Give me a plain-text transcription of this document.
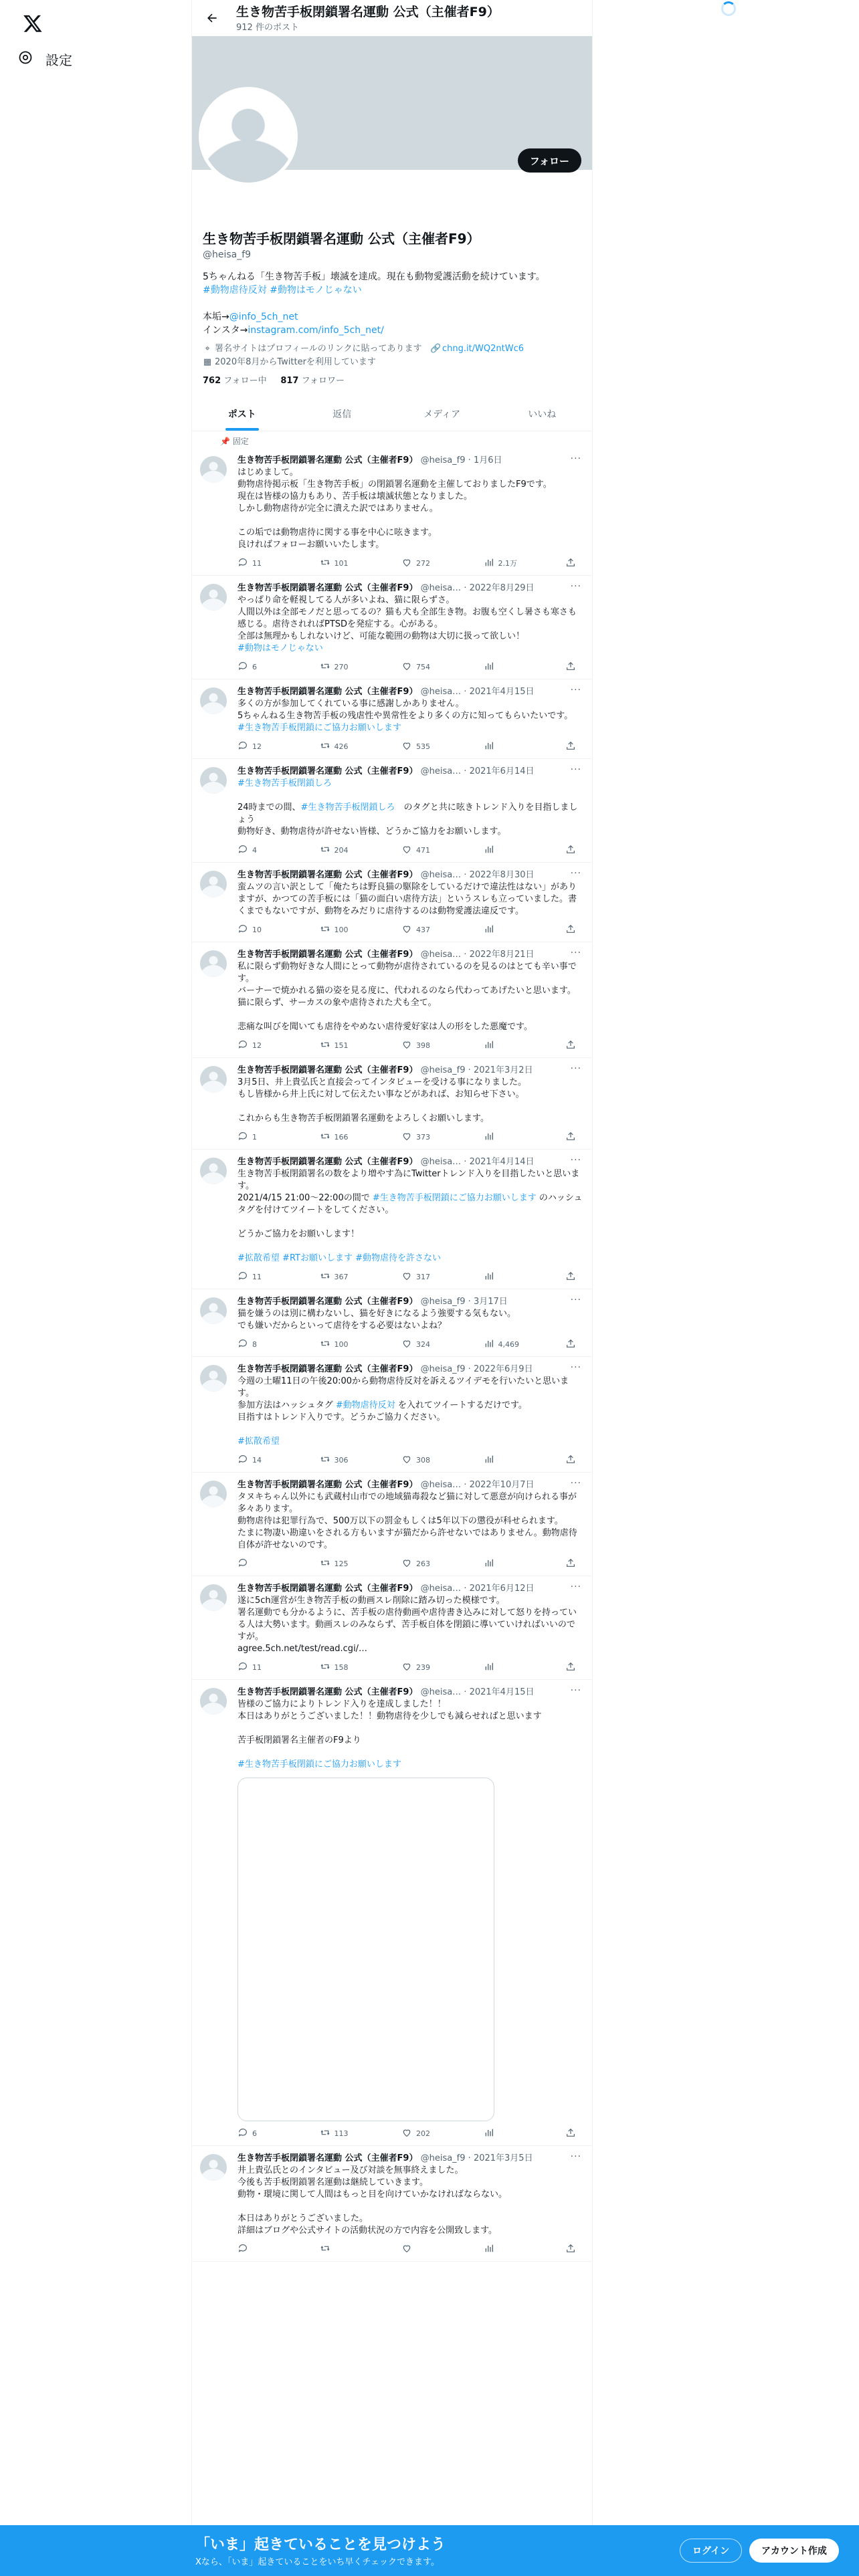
設定
生き物苦手板閉鎖署名運動 公式（主催者F9）
912 件のポスト
フォロー
生き物苦手板閉鎖署名運動 公式（主催者F9）
@heisa_f9
5ちゃんねる「生き物苦手板」壊滅を達成。現在も動物愛護活動を続けています。
#動物虐待反対 #動物はモノじゃない
本垢→@info_5ch_net
インスタ→instagram.com/info_5ch_net/
⌖ 署名サイトはプロフィールのリンクに貼ってあります 🔗 chng.it/WQ2ntWc6
▦ 2020年8月からTwitterを利用しています
762 フォロー中 817 フォロワー
ポスト	返信	メディア	いいね
📌 固定
生き物苦手板閉鎖署名運動 公式（主催者F9） @heisa_f9 · 1月6日	···
はじめまして。
動物虐待掲示板「生き物苦手板」の閉鎖署名運動を主催しておりましたF9です。
現在は皆様の協力もあり、苦手板は壊滅状態となりました。
しかし動物虐待が完全に潰えた訳ではありません。

この垢では動物虐待に関する事を中心に呟きます。
良ければフォローお願いいたします。
11	101	272	2.1万
生き物苦手板閉鎖署名運動 公式（主催者F9） @heisa… · 2022年8月29日	···
やっぱり命を軽視してる人が多いよね、猫に限らずさ。
人間以外は全部モノだと思ってるの？猫も犬も全部生き物。お腹も空くし暑さも寒さも感じる。虐待されればPTSDを発症する。心がある。
全部は無理かもしれないけど、可能な範囲の動物は大切に扱って欲しい！
#動物はモノじゃない
6	270	754
生き物苦手板閉鎖署名運動 公式（主催者F9） @heisa… · 2021年4月15日	···
多くの方が参加してくれている事に感謝しかありません。
5ちゃんねる生き物苦手板の残虐性や異常性をより多くの方に知ってもらいたいです。
#生き物苦手板閉鎖にご協力お願いします
12	426	535
生き物苦手板閉鎖署名運動 公式（主催者F9） @heisa… · 2021年6月14日	···
#生き物苦手板閉鎖しろ

24時までの間、#生き物苦手板閉鎖しろ　のタグと共に呟きトレンド入りを目指しましょう
動物好き、動物虐待が許せない皆様、どうかご協力をお願いします。
4	204	471
生き物苦手板閉鎖署名運動 公式（主催者F9） @heisa… · 2022年8月30日	···
蛮ムツの言い訳として「俺たちは野良猫の駆除をしているだけで違法性はない」がありますが、かつての苦手板には「猫の面白い虐待方法」というスレも立っていました。書くまでもないですが、動物をみだりに虐待するのは動物愛護法違反です。
10	100	437
生き物苦手板閉鎖署名運動 公式（主催者F9） @heisa… · 2022年8月21日	···
私に限らず動物好きな人間にとって動物が虐待されているのを見るのはとても辛い事です。
バーナーで焼かれる猫の姿を見る度に、代われるのなら代わってあげたいと思います。猫に限らず、サーカスの象や虐待された犬も全て。

悲痛な叫びを聞いても虐待をやめない虐待愛好家は人の形をした悪魔です。
12	151	398
生き物苦手板閉鎖署名運動 公式（主催者F9） @heisa_f9 · 2021年3月2日	···
3月5日、井上貴弘氏と直接会ってインタビューを受ける事になりました。
もし皆様から井上氏に対して伝えたい事などがあれば、お知らせ下さい。

これからも生き物苦手板閉鎖署名運動をよろしくお願いします。
1	166	373
生き物苦手板閉鎖署名運動 公式（主催者F9） @heisa… · 2021年4月14日	···
生き物苦手板閉鎖署名の数をより増やす為にTwitterトレンド入りを目指したいと思います。
2021/4/15 21:00〜22:00の間で #生き物苦手板閉鎖にご協力お願いします のハッシュタグを付けてツイートをしてください。

どうかご協力をお願いします！

#拡散希望 #RTお願いします #動物虐待を許さない
11	367	317
生き物苦手板閉鎖署名運動 公式（主催者F9） @heisa_f9 · 3月17日	···
猫を嫌うのは別に構わないし、猫を好きになるよう強要する気もない。
でも嫌いだからといって虐待をする必要はないよね？
8	100	324	4,469
生き物苦手板閉鎖署名運動 公式（主催者F9） @heisa_f9 · 2022年6月9日	···
今週の土曜11日の午後20:00から動物虐待反対を訴えるツイデモを行いたいと思います。
参加方法はハッシュタグ #動物虐待反対 を入れてツイートするだけです。
目指すはトレンド入りです。どうかご協力ください。

#拡散希望
14	306	308
生き物苦手板閉鎖署名運動 公式（主催者F9） @heisa… · 2022年10月7日	···
タヌキちゃん以外にも武蔵村山市での地域猫毒殺など猫に対して悪意が向けられる事が多々あります。
動物虐待は犯罪行為で、500万以下の罰金もしくは5年以下の懲役が科せられます。
たまに物凄い勘違いをされる方もいますが猫だから許せないではありません。動物虐待自体が許せないのです。
125	263
生き物苦手板閉鎖署名運動 公式（主催者F9） @heisa… · 2021年6月12日	···
遂に5ch運営が生き物苦手板の動画スレ削除に踏み切った模様です。
署名運動でも分かるように、苦手板の虐待動画や虐待書き込みに対して怒りを持っている人は大勢います。動画スレのみならず、苦手板自体を閉鎖に導いていければいいのですが。
agree.5ch.net/test/read.cgi/…
11	158	239
生き物苦手板閉鎖署名運動 公式（主催者F9） @heisa… · 2021年4月15日	···
皆様のご協力によりトレンド入りを達成しました！！
本日はありがとうございました！！動物虐待を少しでも減らせればと思います

苦手板閉鎖署名主催者のF9より

#生き物苦手板閉鎖にご協力お願いします
6	113	202
生き物苦手板閉鎖署名運動 公式（主催者F9） @heisa_f9 · 2021年3月5日	···
井上貴弘氏とのインタビュー及び対談を無事終えました。
今後も苦手板閉鎖署名運動は継続していきます。
動物・環境に関して人間はもっと目を向けていかなければならない。

本日はありがとうございました。
詳細はブログや公式サイトの活動状況の方で内容を公開致します。
「いま」起きていることを見つけよう
Xなら、「いま」起きていることをいち早くチェックできます。
ログイン	アカウント作成
